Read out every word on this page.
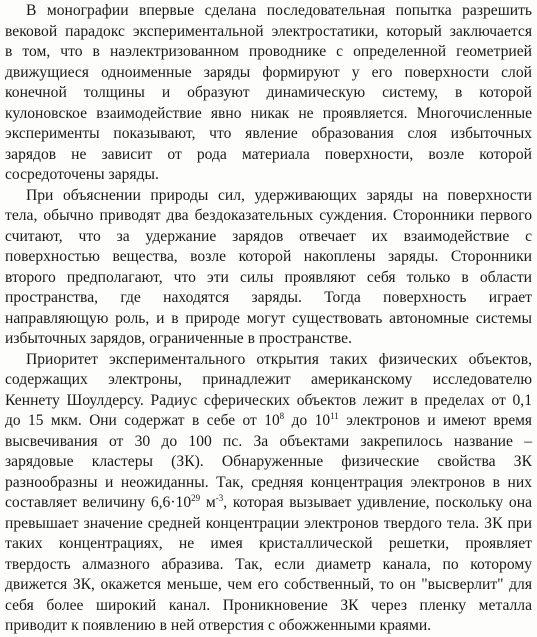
В монографии впервые сделана последовательная попытка разрешить
вековой парадокс экспериментальной электростатики, который заключается
в том, что в наэлектризованном проводнике с определенной геометрией
движущиеся одноименные заряды формируют у его поверхности слой
конечной толщины и образуют динамическую систему, в которой
кулоновское взаимодействие явно никак не проявляется. Многочисленные
эксперименты показывают, что явление образования слоя избыточных
зарядов не зависит от рода материала поверхности, возле которой
сосредоточены заряды.
При объяснении природы сил, удерживающих заряды на поверхности
тела, обычно приводят два бездоказательных суждения. Сторонники первого
считают, что за удержание зарядов отвечает их взаимодействие с
поверхностью вещества, возле которой накоплены заряды. Сторонники
второго предполагают, что эти силы проявляют себя только в области
пространства, где находятся заряды. Тогда поверхность играет
направляющую роль, и в природе могут существовать автономные системы
избыточных зарядов, ограниченные в пространстве.
Приоритет экспериментального открытия таких физических объектов,
содержащих электроны, принадлежит американскому исследователю
Кеннету Шоулдерсу. Радиус сферических объектов лежит в пределах от 0,1
до 15 мкм. Они содержат в себе от $10^8$ до $10^{11}$ электронов и имеют время
высвечивания от 30 до 100 пс. За объектами закрепилось название –
зарядовые кластеры (ЗК). Обнаруженные физические свойства ЗК
разнообразны и неожиданны. Так, средняя концентрация электронов в них
составляет величину $6,6\cdot 10^{29}$ $м^{-3}$, которая вызывает удивление, поскольку она
превышает значение средней концентрации электронов твердого тела. ЗК при
таких концентрациях, не имея кристаллической решетки, проявляет
твердость алмазного абразива. Так, если диаметр канала, по которому
движется ЗК, окажется меньше, чем его собственный, то он "высверлит" для
себя более широкий канал. Проникновение ЗК через пленку металла
приводит к появлению в ней отверстия с обожженными краями.
